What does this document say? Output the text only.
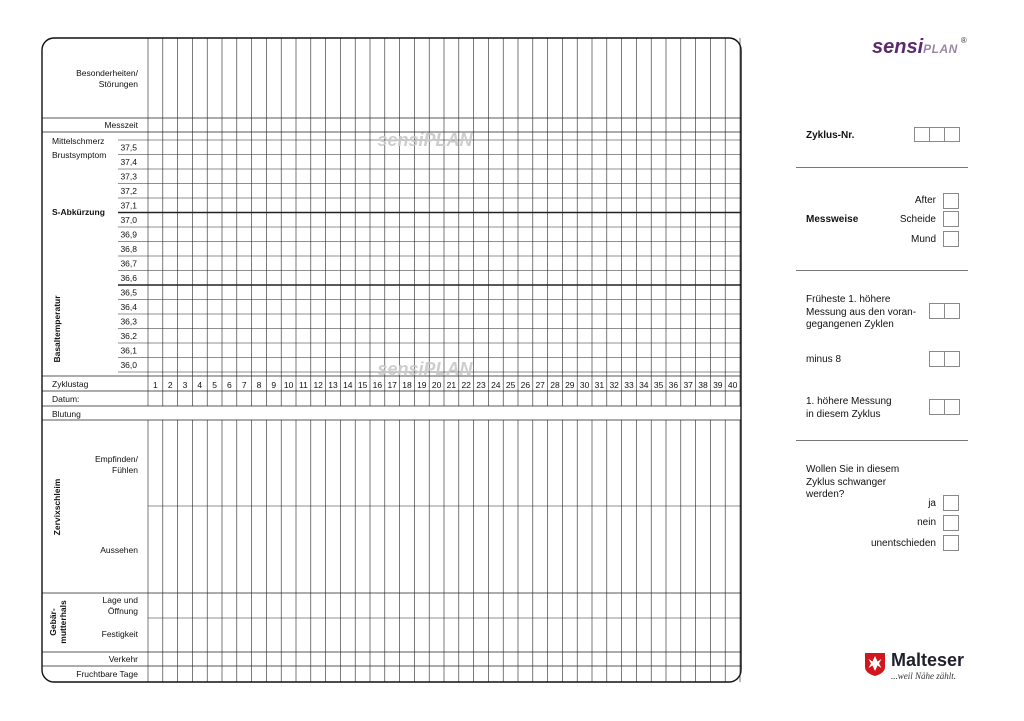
sensiPLAN®
sensiPLAN
sensiPLAN
1 2 3 4 5 6 7 8 9 10 11 12 13 14 15 16 17 18 19 20 21 22 23 24 25 26 27 28 29 30 31 32 33 34 35 36 37 38 39 40
37,5
37,4
37,3
37,2
37,1
37,0
36,9
36,8
36,7
36,6
36,5
36,4
36,3
36,2
36,1
36,0
Besonderheiten/ Störungen
Messzeit
Mittelschmerz
Brustsymptom
S-Abkürzung
Basaltemperatur
Zyklustag
Datum:
Blutung
Zervixschleim
Empfinden/ Fühlen
Aussehen
Gebär-mutterhals
Lage und Öffnung
Festigkeit
Verkehr
Fruchtbare Tage
Zyklus-Nr.
Messweise
After
Scheide
Mund
Früheste 1. höhere
Messung aus den voran-
gegangenen Zyklen
minus 8
1. höhere Messung
in diesem Zyklus
Wollen Sie in diesem
Zyklus schwanger
werden?
ja
nein
unentschieden
Malteser
...weil Nähe zählt.
